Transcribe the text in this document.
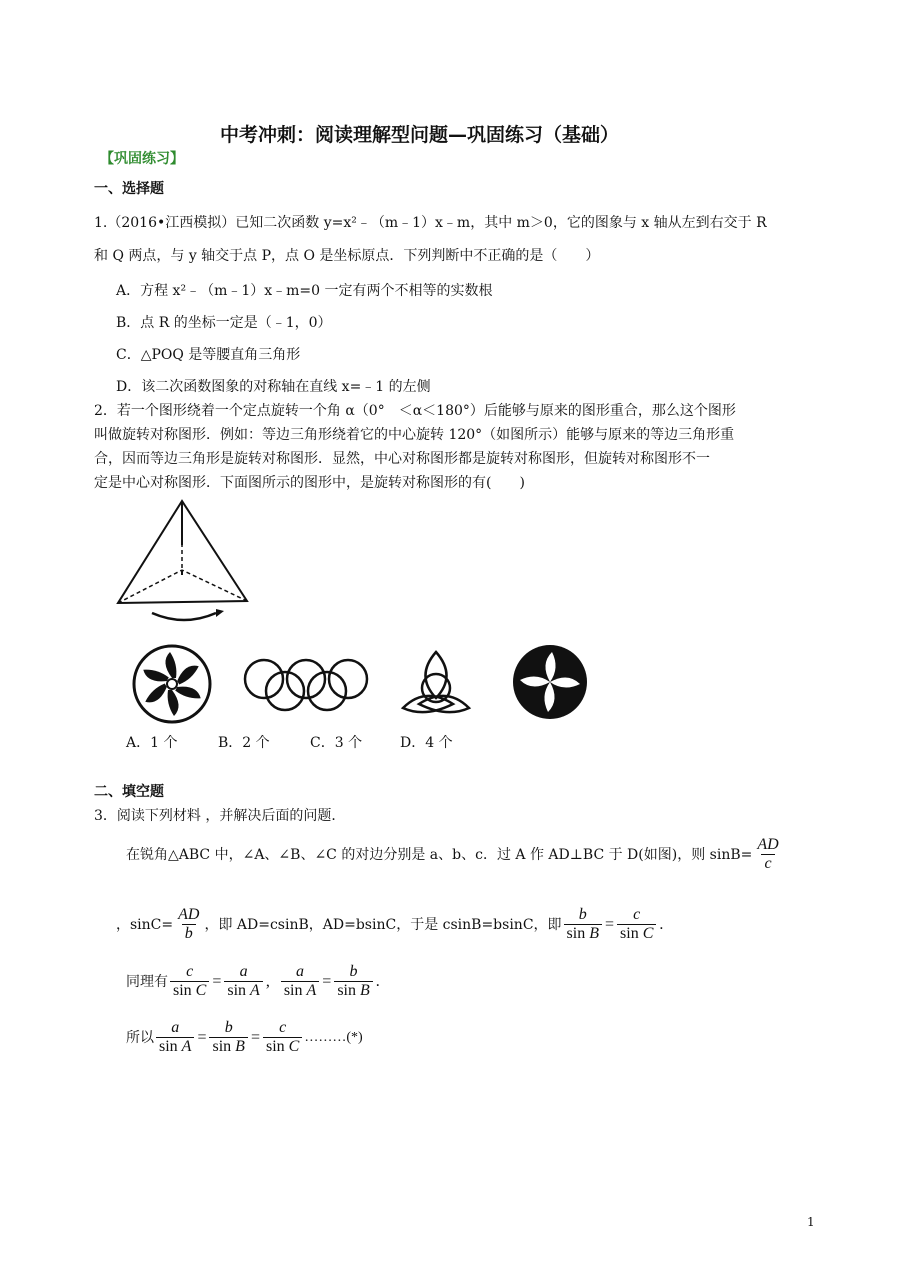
中考冲刺：阅读理解型问题—巩固练习（基础）
【巩固练习】
一、选择题
1.（2016•江西模拟）已知二次函数 y=x²﹣（m﹣1）x﹣m，其中 m＞0，它的图象与 x 轴从左到右交于 R
和 Q 两点，与 y 轴交于点 P，点 O 是坐标原点．下列判断中不正确的是（　　）
A．方程 x²﹣（m﹣1）x﹣m=0 一定有两个不相等的实数根
B．点 R 的坐标一定是（﹣1，0）
C．△POQ 是等腰直角三角形
D．该二次函数图象的对称轴在直线 x=﹣1 的左侧
2．若一个图形绕着一个定点旋转一个角 α（0°　＜α＜180°）后能够与原来的图形重合，那么这个图形
叫做旋转对称图形．例如：等边三角形绕着它的中心旋转 120°（如图所示）能够与原来的等边三角形重
合，因而等边三角形是旋转对称图形．显然，中心对称图形都是旋转对称图形，但旋转对称图形不一
定是中心对称图形．下面图所示的图形中，是旋转对称图形的有(　　)
A．1 个	B．2 个	C．3 个	D．4 个
二、填空题
3．阅读下列材料 ，并解决后面的问题．
在锐角△ABC 中，∠A、∠B、∠C 的对边分别是 a、b、c．过 A 作 AD⊥BC 于 D(如图)，则 $\sin B= \frac{AD}{c}$
，$\sin C= \frac{AD}{b}$ ，即 AD=csinB，AD=bsinC，于是 csinB=bsinC，即 $\frac{b}{\text{sin B}} = \frac{c}{\text{sin C}}$ .
同理有 $\frac{c}{\text{sin C}} = \frac{a}{\text{sin A}}$ , $\frac{a}{\text{sin A}} = \frac{b}{\text{sin B}}$ .
所以 $\frac{a}{\text{sin A}} = \frac{b}{\text{sin B}} = \frac{c}{\text{sin C}}$ ………(*)
1
